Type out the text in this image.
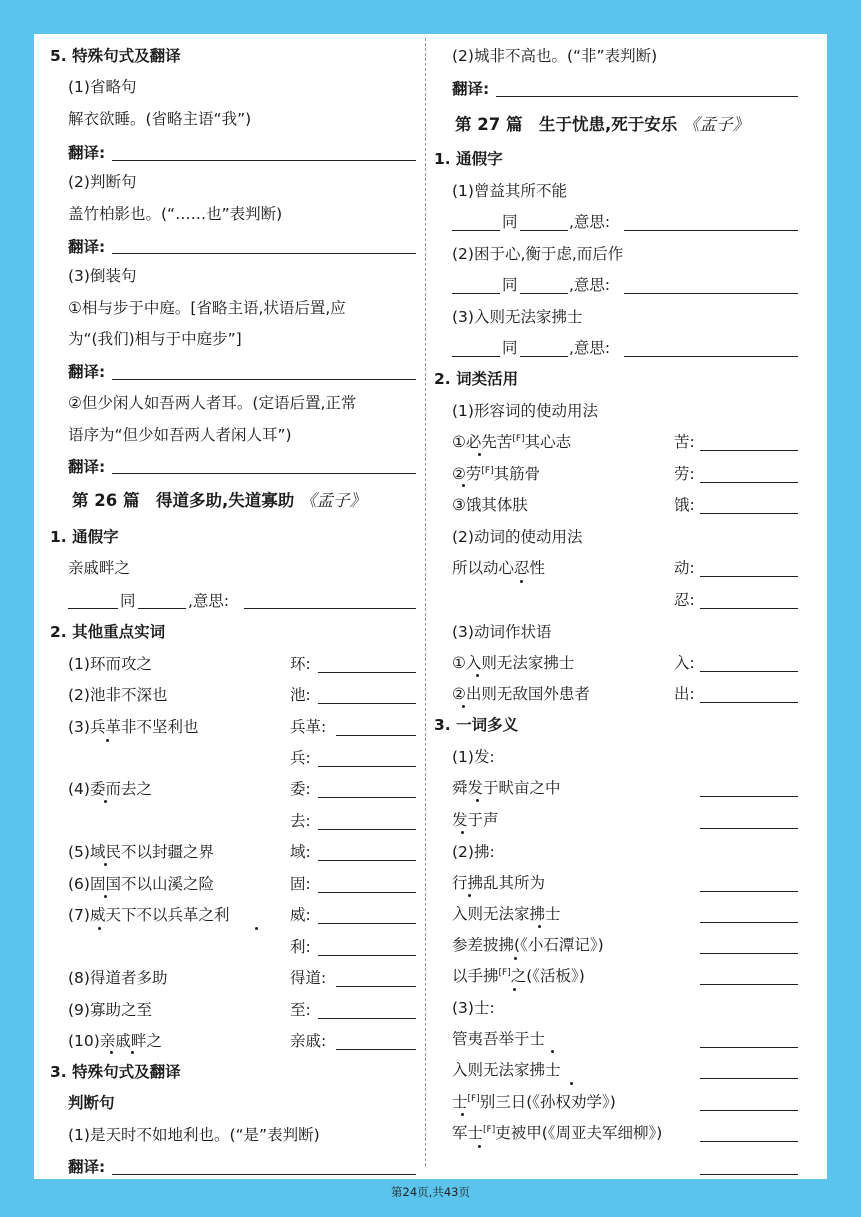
5. 特殊句式及翻译
(1)省略句
解衣欲睡。(省略主语“我”)
翻译:
(2)判断句
盖竹柏影也。(“……也”表判断)
翻译:
(3)倒装句
①相与步于中庭。[省略主语,状语后置,应
为“(我们)相与于中庭步”]
翻译:
②但少闲人如吾两人者耳。(定语后置,正常
语序为“但少如吾两人者闲人耳”)
翻译:
第 26 篇　得道多助,失道寡助 《孟子》
1. 通假字
亲戚畔之
同	,意思:
2. 其他重点实词
(1)环而攻之	环:
(2)池非不深也	池:
(3)兵革非不坚利也	兵革:
兵:
(4)委而去之	委:
去:
(5)域民不以封疆之界	域:
(6)固国不以山溪之险	固:
(7)威天下不以兵革之利	威:
利:
(8)得道者多助	得道:
(9)寡助之至	至:
(10)亲戚畔之	亲戚:
3. 特殊句式及翻译
判断句
(1)是天时不如地利也。(“是”表判断)
翻译:
(2)城非不高也。(“非”表判断)
翻译:
第 27 篇　生于忧患,死于安乐 《孟子》
1. 通假字
(1)曾益其所不能
同	,意思:
(2)困于心,衡于虑,而后作
同	,意思:
(3)入则无法家拂士
同	,意思:
2. 词类活用
(1)形容词的使动用法
①必先苦[F]其心志	苦:
②劳[F]其筋骨	劳:
③饿其体肤	饿:
(2)动词的使动用法
所以动心忍性	动:
忍:
(3)动词作状语
①入则无法家拂士	入:
②出则无敌国外患者	出:
3. 一词多义
(1)发:
舜发于畎亩之中
发于声
(2)拂:
行拂乱其所为
入则无法家拂士
参差披拂(《小石潭记》)
以手拂[F]之(《活板》)
(3)士:
管夷吾举于士
入则无法家拂士
士[F]别三日(《孙权劝学》)
军士[F]吏被甲(《周亚夫军细柳》)
第24页,共43页
